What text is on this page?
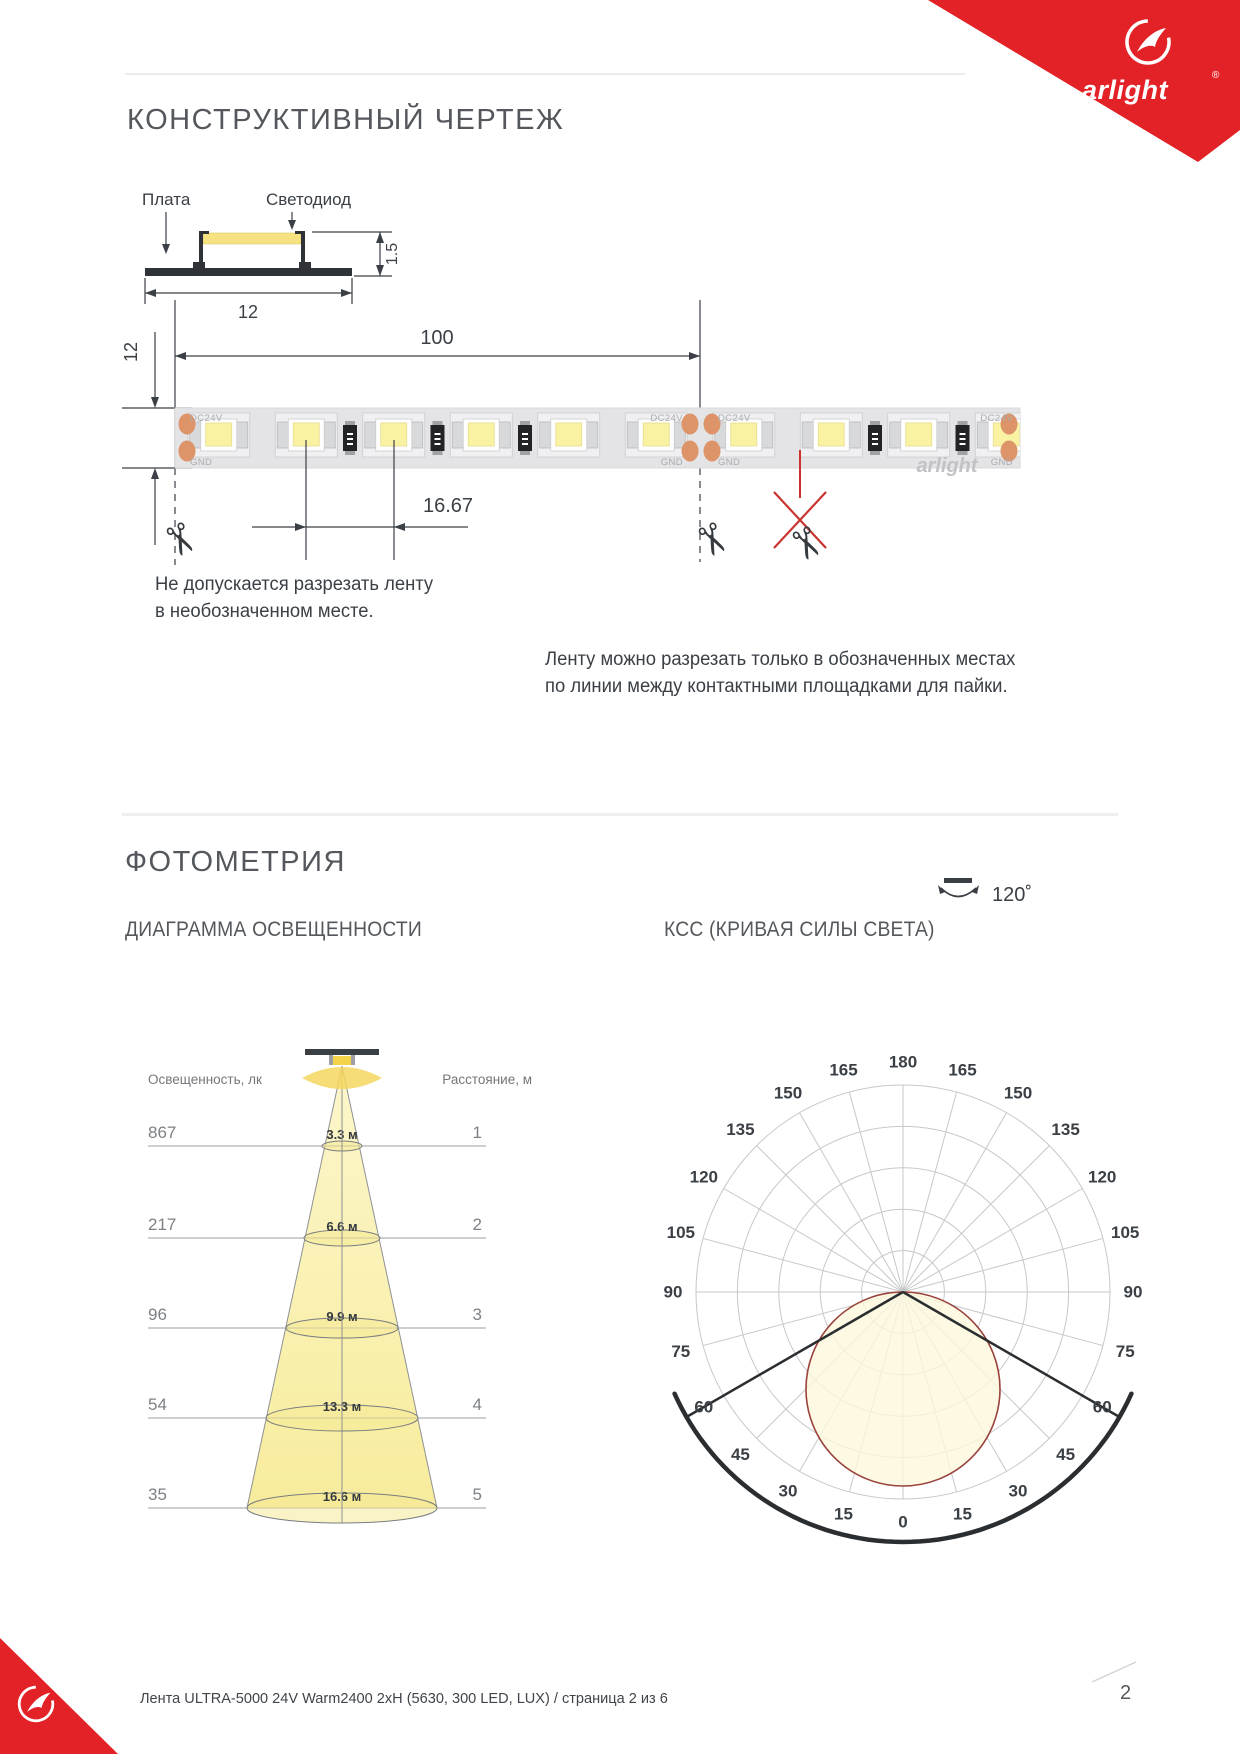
КОНСТРУКТИВНЫЙ ЧЕРТЕЖ
Не допускается разрезать ленту
в необозначенном месте.
Ленту можно разрезать только в обозначенных местах
по линии между контактными площадками для пайки.
ФОТОМЕТРИЯ
ДИАГРАММА ОСВЕЩЕННОСТИ	КСС (КРИВАЯ СИЛЫ СВЕТА)
Лента ULTRA-5000 24V Warm2400 2xH (5630, 300 LED, LUX) / страница 2 из 6	2
arlight	®
Плата	Светодиод
12
1.5
12
100
DC24V
GND
DC24V
GND
DC24V
GND
DC24V
GND
arlight
16.67
✂	✂ ✂
Освещенность, лк	Расстояние, м
867	1
3.3 м
217	2
6.6 м
96	3
9.9 м
54	4
13.3 м
35	5
16.6 м
120˚
0
15	15
30	30
45	45
60	60
75	75
90	90
105	105
120	120
135	135
150	150
165	165
180
